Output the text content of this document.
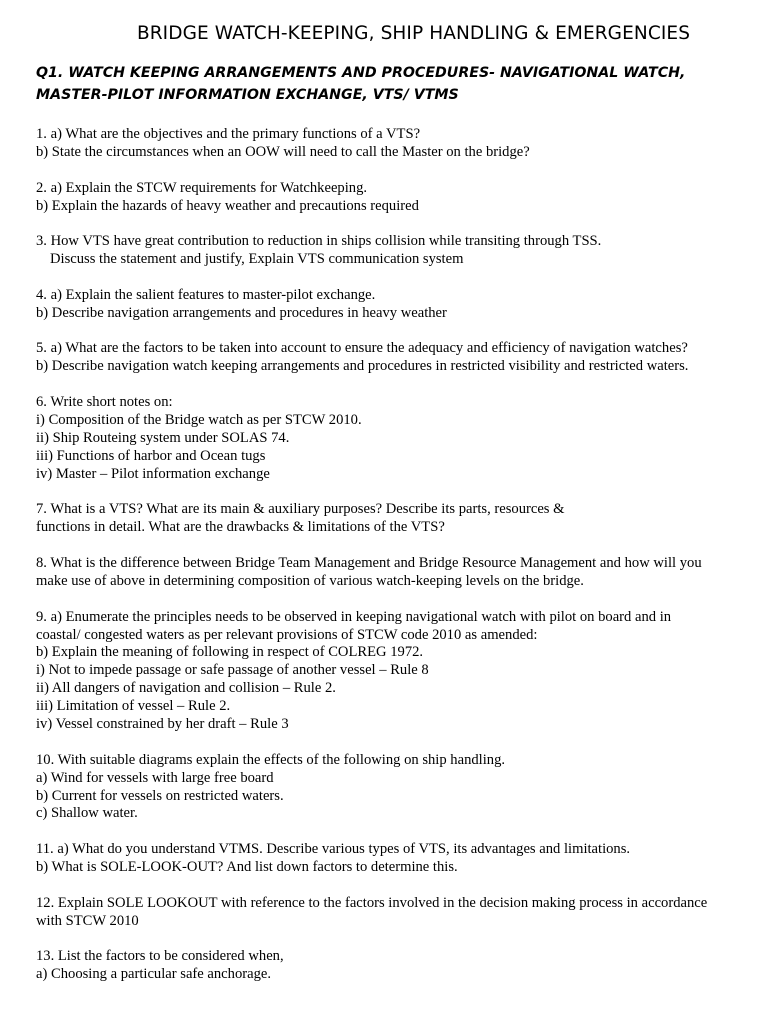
BRIDGE WATCH-KEEPING, SHIP HANDLING & EMERGENCIES
Q1. WATCH KEEPING ARRANGEMENTS AND PROCEDURES- NAVIGATIONAL WATCH, MASTER-PILOT INFORMATION EXCHANGE, VTS/ VTMS
1. a) What are the objectives and the primary functions of a VTS?
b) State the circumstances when an OOW will need to call the Master on the bridge?
2. a) Explain the STCW requirements for Watchkeeping.
b) Explain the hazards of heavy weather and precautions required
3. How VTS have great contribution to reduction in ships collision while transiting through TSS.
Discuss the statement and justify, Explain VTS communication system
4. a) Explain the salient features to master-pilot exchange.
b) Describe navigation arrangements and procedures in heavy weather
5. a) What are the factors to be taken into account to ensure the adequacy and efficiency of navigation watches?
b) Describe navigation watch keeping arrangements and procedures in restricted visibility and restricted waters.
6. Write short notes on:
i) Composition of the Bridge watch as per STCW 2010.
ii) Ship Routeing system under SOLAS 74.
iii) Functions of harbor and Ocean tugs
iv) Master – Pilot information exchange
7. What is a VTS? What are its main & auxiliary purposes? Describe its parts, resources &
functions in detail. What are the drawbacks & limitations of the VTS?
8. What is the difference between Bridge Team Management and Bridge Resource Management and how will you
make use of above in determining composition of various watch-keeping levels on the bridge.
9. a) Enumerate the principles needs to be observed in keeping navigational watch with pilot on board and in
coastal/ congested waters as per relevant provisions of STCW code 2010 as amended:
b) Explain the meaning of following in respect of COLREG 1972.
i) Not to impede passage or safe passage of another vessel – Rule 8
ii) All dangers of navigation and collision – Rule 2.
iii) Limitation of vessel – Rule 2.
iv) Vessel constrained by her draft – Rule 3
10. With suitable diagrams explain the effects of the following on ship handling.
a) Wind for vessels with large free board
b) Current for vessels on restricted waters.
c) Shallow water.
11. a) What do you understand VTMS. Describe various types of VTS, its advantages and limitations.
b) What is SOLE-LOOK-OUT? And list down factors to determine this.
12. Explain SOLE LOOKOUT with reference to the factors involved in the decision making process in accordance
with STCW 2010
13. List the factors to be considered when,
a) Choosing a particular safe anchorage.
